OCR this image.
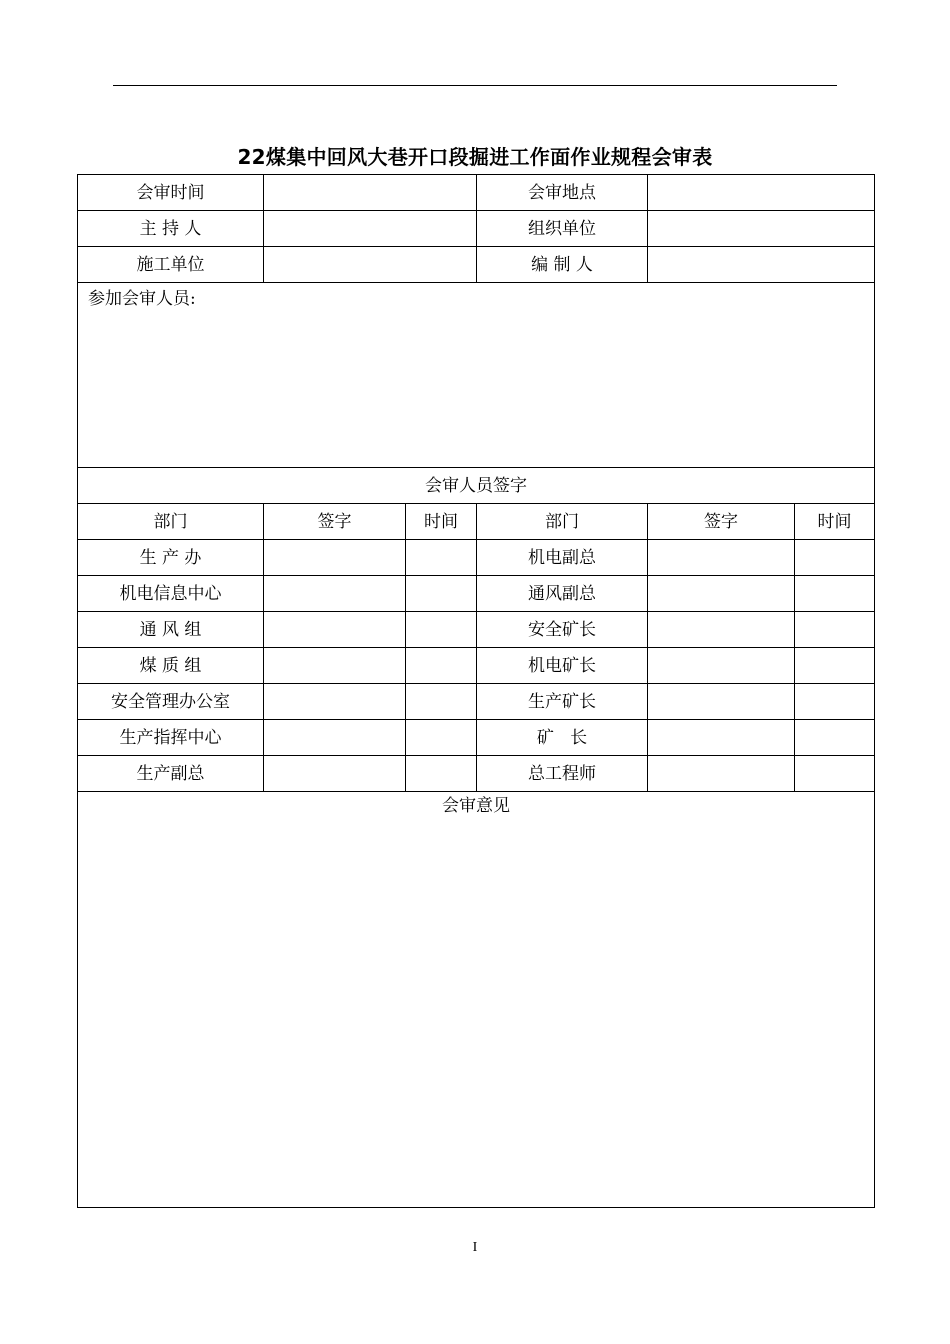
22煤集中回风大巷开口段掘进工作面作业规程会审表
会审时间			会审地点		
主 持 人			组织单位		
施工单位			编 制 人		
参加会审人员:					
会审人员签字					
部门	签字	时间	部门	签字	时间
生 产 办			机电副总		
机电信息中心			通风副总		
通 风 组			安全矿长		
煤 质 组			机电矿长		
安全管理办公室			生产矿长		
生产指挥中心			矿   长		
生产副总			总工程师		
会审意见					
I
